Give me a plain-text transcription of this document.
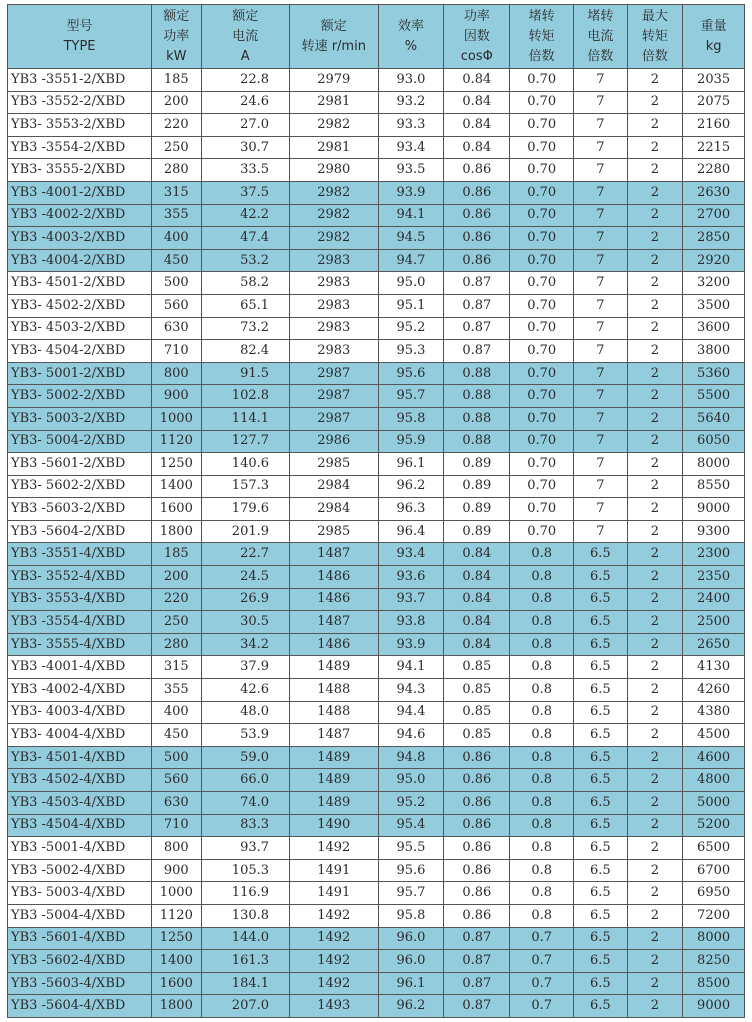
型号
TYPE	额定
功率
kW	额定
电流
A	额定
转速 r/min	效率
%	功率
因数
cosΦ	堵转
转矩
倍数	堵转
电流
倍数	最大
转矩
倍数	重量
kg

YB3 -3551-2/XBD	185	22.8	2979	93.0	0.84	0.70	7	2	2035
YB3 -3552-2/XBD	200	24.6	2981	93.2	0.84	0.70	7	2	2075
YB3- 3553-2/XBD	220	27.0	2982	93.3	0.84	0.70	7	2	2160
YB3 -3554-2/XBD	250	30.7	2981	93.4	0.84	0.70	7	2	2215
YB3- 3555-2/XBD	280	33.5	2980	93.5	0.86	0.70	7	2	2280
YB3 -4001-2/XBD	315	37.5	2982	93.9	0.86	0.70	7	2	2630
YB3 -4002-2/XBD	355	42.2	2982	94.1	0.86	0.70	7	2	2700
YB3 -4003-2/XBD	400	47.4	2982	94.5	0.86	0.70	7	2	2850
YB3 -4004-2/XBD	450	53.2	2983	94.7	0.86	0.70	7	2	2920
YB3- 4501-2/XBD	500	58.2	2983	95.0	0.87	0.70	7	2	3200
YB3- 4502-2/XBD	560	65.1	2983	95.1	0.87	0.70	7	2	3500
YB3- 4503-2/XBD	630	73.2	2983	95.2	0.87	0.70	7	2	3600
YB3- 4504-2/XBD	710	82.4	2983	95.3	0.87	0.70	7	2	3800
YB3- 5001-2/XBD	800	91.5	2987	95.6	0.88	0.70	7	2	5360
YB3- 5002-2/XBD	900	102.8	2987	95.7	0.88	0.70	7	2	5500
YB3- 5003-2/XBD	1000	114.1	2987	95.8	0.88	0.70	7	2	5640
YB3- 5004-2/XBD	1120	127.7	2986	95.9	0.88	0.70	7	2	6050
YB3 -5601-2/XBD	1250	140.6	2985	96.1	0.89	0.70	7	2	8000
YB3- 5602-2/XBD	1400	157.3	2984	96.2	0.89	0.70	7	2	8550
YB3 -5603-2/XBD	1600	179.6	2984	96.3	0.89	0.70	7	2	9000
YB3 -5604-2/XBD	1800	201.9	2985	96.4	0.89	0.70	7	2	9300
YB3 -3551-4/XBD	185	22.7	1487	93.4	0.84	0.8	6.5	2	2300
YB3- 3552-4/XBD	200	24.5	1486	93.6	0.84	0.8	6.5	2	2350
YB3- 3553-4/XBD	220	26.9	1486	93.7	0.84	0.8	6.5	2	2400
YB3 -3554-4/XBD	250	30.5	1487	93.8	0.84	0.8	6.5	2	2500
YB3- 3555-4/XBD	280	34.2	1486	93.9	0.84	0.8	6.5	2	2650
YB3 -4001-4/XBD	315	37.9	1489	94.1	0.85	0.8	6.5	2	4130
YB3 -4002-4/XBD	355	42.6	1488	94.3	0.85	0.8	6.5	2	4260
YB3- 4003-4/XBD	400	48.0	1488	94.4	0.85	0.8	6.5	2	4380
YB3- 4004-4/XBD	450	53.9	1487	94.6	0.85	0.8	6.5	2	4500
YB3- 4501-4/XBD	500	59.0	1489	94.8	0.86	0.8	6.5	2	4600
YB3 -4502-4/XBD	560	66.0	1489	95.0	0.86	0.8	6.5	2	4800
YB3 -4503-4/XBD	630	74.0	1489	95.2	0.86	0.8	6.5	2	5000
YB3 -4504-4/XBD	710	83.3	1490	95.4	0.86	0.8	6.5	2	5200
YB3 -5001-4/XBD	800	93.7	1492	95.5	0.86	0.8	6.5	2	6500
YB3 -5002-4/XBD	900	105.3	1491	95.6	0.86	0.8	6.5	2	6700
YB3- 5003-4/XBD	1000	116.9	1491	95.7	0.86	0.8	6.5	2	6950
YB3 -5004-4/XBD	1120	130.8	1492	95.8	0.86	0.8	6.5	2	7200
YB3 -5601-4/XBD	1250	144.0	1492	96.0	0.87	0.7	6.5	2	8000
YB3 -5602-4/XBD	1400	161.3	1492	96.0	0.87	0.7	6.5	2	8250
YB3 -5603-4/XBD	1600	184.1	1492	96.1	0.87	0.7	6.5	2	8500
YB3 -5604-4/XBD	1800	207.0	1493	96.2	0.87	0.7	6.5	2	9000
